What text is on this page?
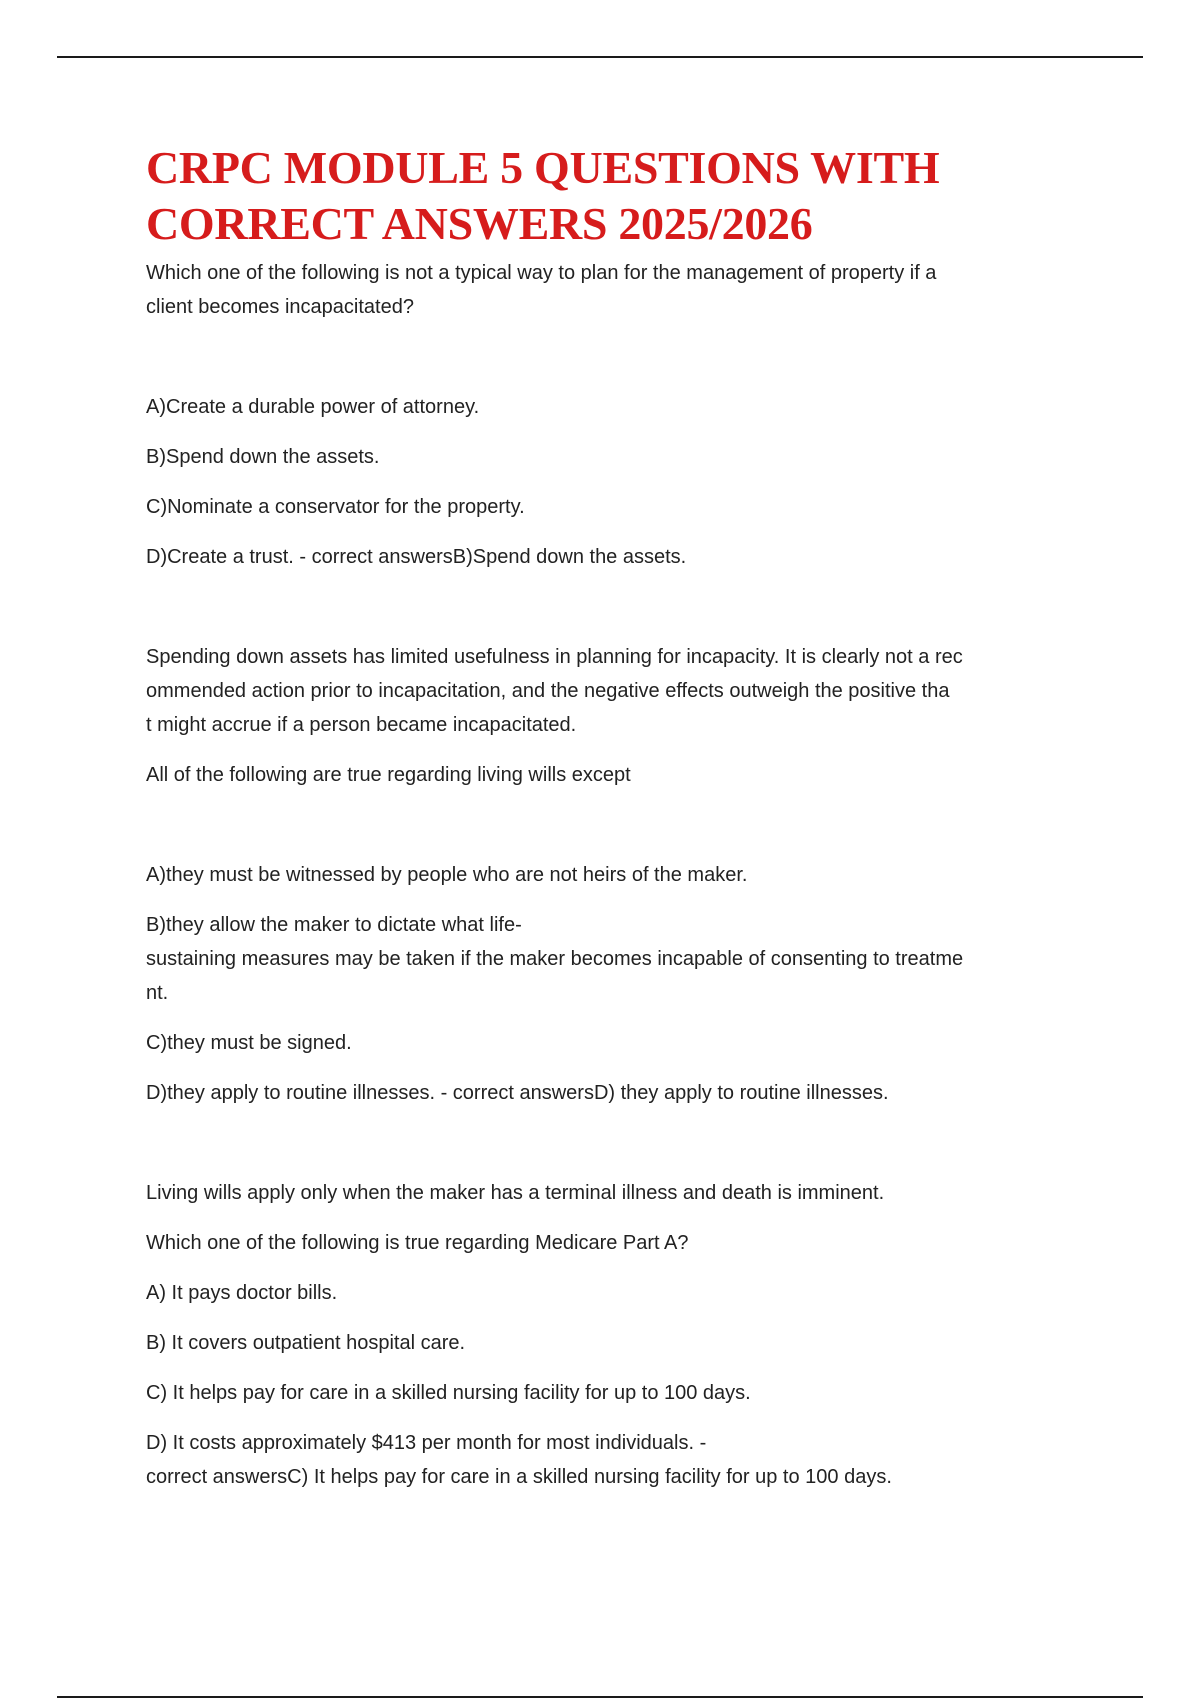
CRPC MODULE 5 QUESTIONS WITH
CORRECT ANSWERS 2025/2026
Which one of the following is not a typical way to plan for the management of property if a
client becomes incapacitated?
A)Create a durable power of attorney.
B)Spend down the assets.
C)Nominate a conservator for the property.
D)Create a trust. - correct answersB)Spend down the assets.
Spending down assets has limited usefulness in planning for incapacity. It is clearly not a rec
ommended action prior to incapacitation, and the negative effects outweigh the positive tha
t might accrue if a person became incapacitated.
All of the following are true regarding living wills except
A)they must be witnessed by people who are not heirs of the maker.
B)they allow the maker to dictate what life-
sustaining measures may be taken if the maker becomes incapable of consenting to treatme
nt.
C)they must be signed.
D)they apply to routine illnesses. - correct answersD) they apply to routine illnesses.
Living wills apply only when the maker has a terminal illness and death is imminent.
Which one of the following is true regarding Medicare Part A?
A) It pays doctor bills.
B) It covers outpatient hospital care.
C) It helps pay for care in a skilled nursing facility for up to 100 days.
D) It costs approximately $413 per month for most individuals. -
correct answersC) It helps pay for care in a skilled nursing facility for up to 100 days.
